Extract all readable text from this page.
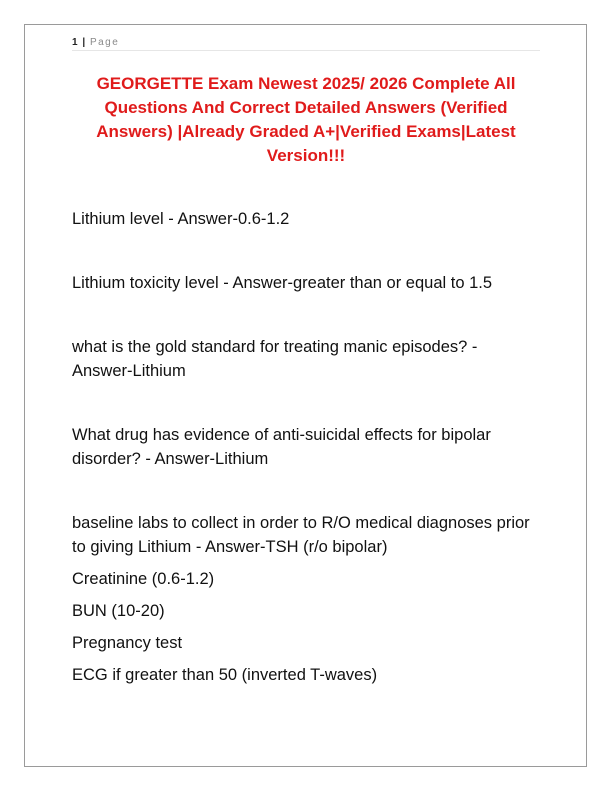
1 | Page
GEORGETTE Exam Newest 2025/ 2026 Complete All Questions And Correct Detailed Answers (Verified Answers) |Already Graded A+|Verified Exams|Latest Version!!!

Lithium level - Answer-0.6-1.2

Lithium toxicity level - Answer-greater than or equal to 1.5

what is the gold standard for treating manic episodes? - Answer-Lithium

What drug has evidence of anti-suicidal effects for bipolar disorder? - Answer-Lithium

baseline labs to collect in order to R/O medical diagnoses prior to giving Lithium - Answer-TSH (r/o bipolar)

Creatinine (0.6-1.2)

BUN (10-20)

Pregnancy test

ECG if greater than 50 (inverted T-waves)
